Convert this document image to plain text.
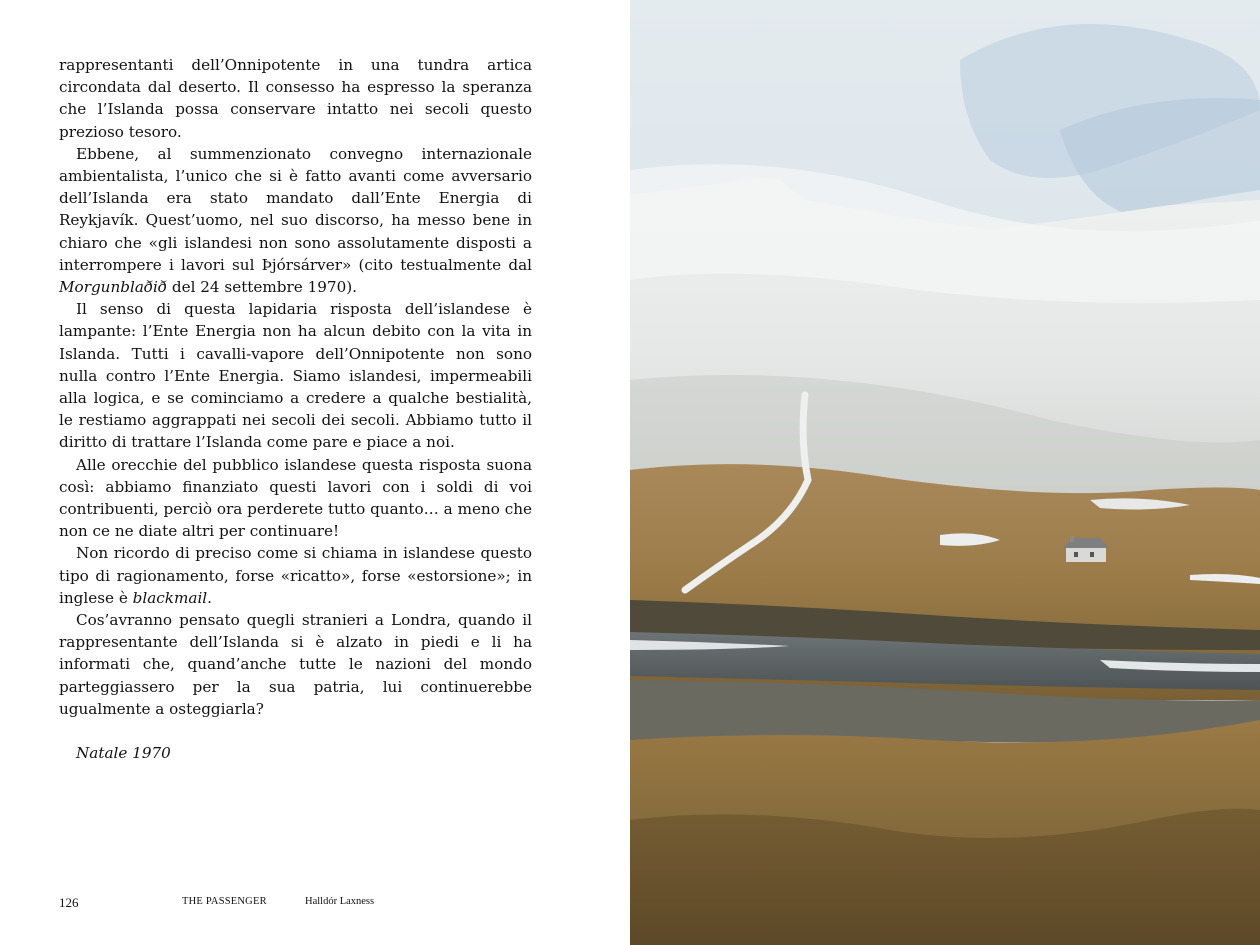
rappresentanti dell’Onnipotente in una tundra artica circondata dal deserto. Il consesso ha espresso la speranza che l’Islanda possa conservare intatto nei secoli questo prezioso tesoro.

Ebbene, al summenzionato convegno internazionale ambientalista, l’unico che si è fatto avanti come avversario dell’Islanda era stato mandato dall’Ente Energia di Reykjavík. Quest’uomo, nel suo discorso, ha messo bene in chiaro che «gli islandesi non sono assolutamente disposti a interrompere i lavori sul Þjórsárver» (cito testualmente dal Morgunblaðið del 24 settembre 1970).

Il senso di questa lapidaria risposta dell’islandese è lampante: l’Ente Energia non ha alcun debito con la vita in Islanda. Tutti i cavalli-vapore dell’Onnipotente non sono nulla contro l’Ente Energia. Siamo islandesi, impermeabili alla logica, e se cominciamo a credere a qualche bestialità, le restiamo aggrappati nei secoli dei secoli. Abbiamo tutto il diritto di trattare l’Islanda come pare e piace a noi.

Alle orecchie del pubblico islandese questa risposta suona così: abbiamo finanziato questi lavori con i soldi di voi contribuenti, perciò ora perderete tutto quanto… a meno che non ce ne diate altri per continuare!

Non ricordo di preciso come si chiama in islandese questo tipo di ragionamento, forse «ricatto», forse «estorsione»; in inglese è blackmail.

Cos’avranno pensato quegli stranieri a Londra, quando il rappresentante dell’Islanda si è alzato in piedi e li ha informati che, quand’anche tutte le nazioni del mondo parteggiassero per la sua patria, lui continuerebbe ugualmente a osteggiarla?

Natale 1970

126	THE PASSENGER	Halldór Laxness
